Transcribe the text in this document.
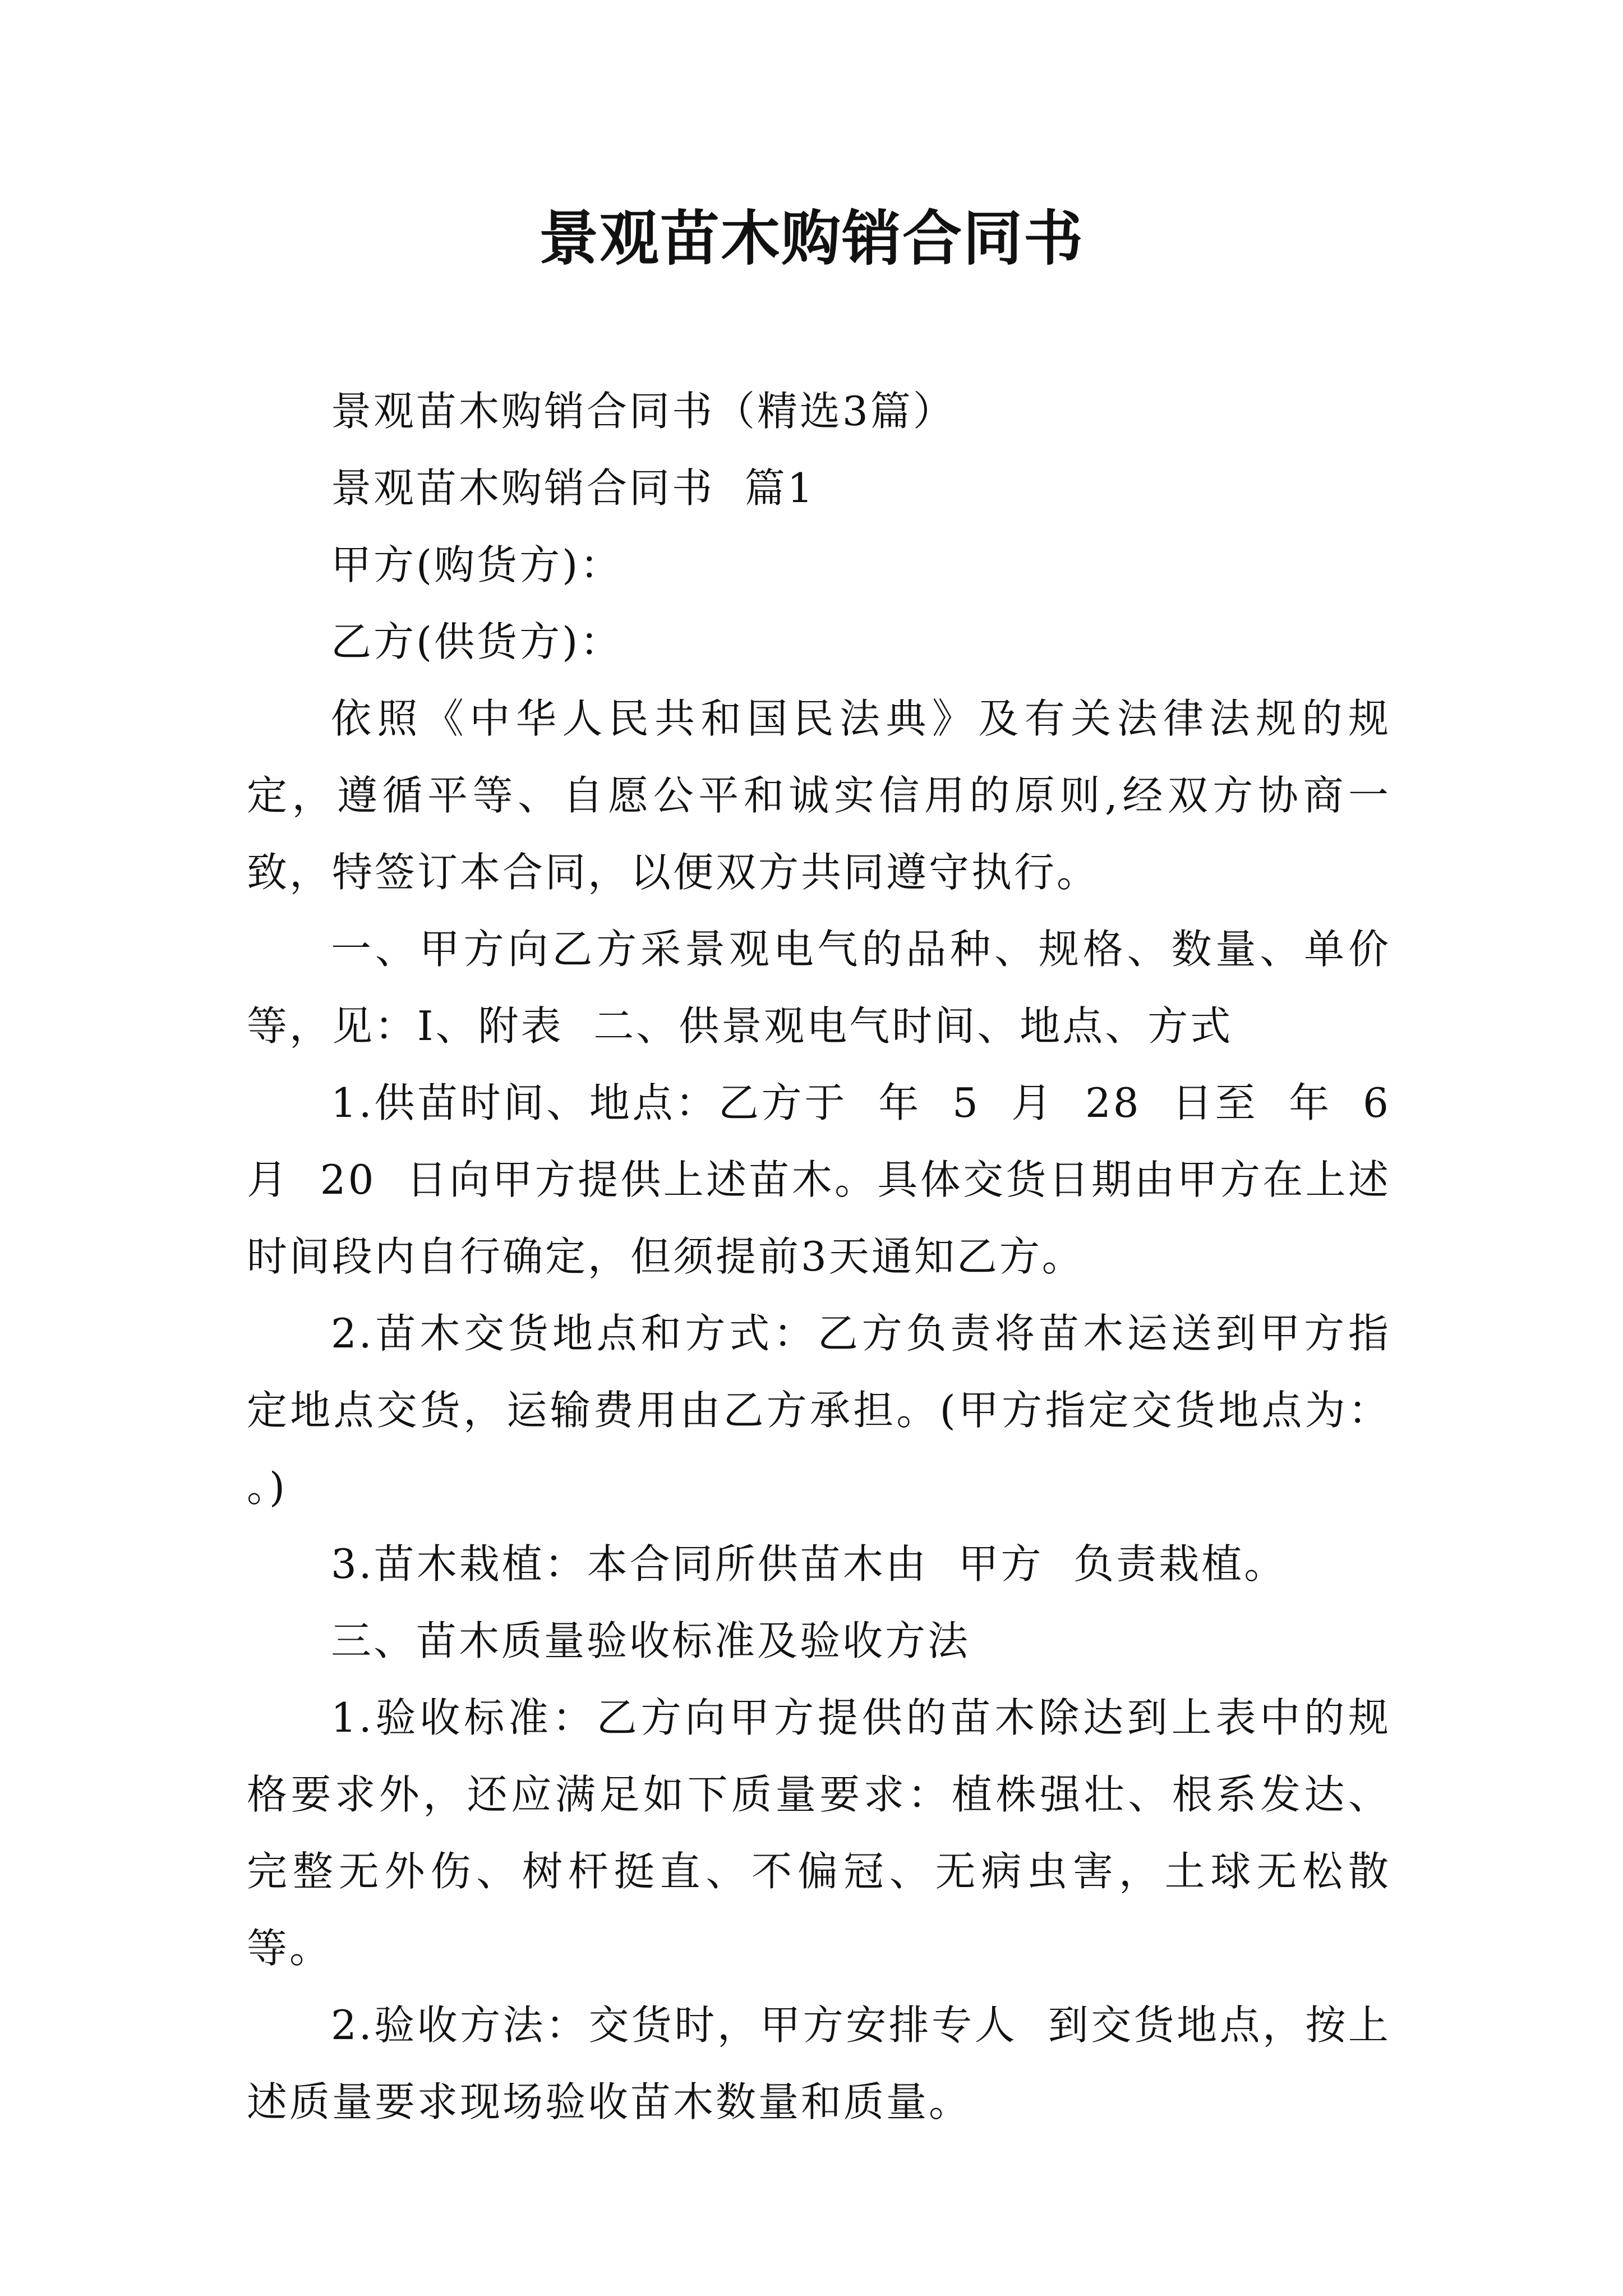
景观苗木购销合同书

景观苗木购销合同书（精选3篇）

景观苗木购销合同书  篇1

甲方(购货方)：

乙方(供货方)：

依照《中华人民共和国民法典》及有关法律法规的规定，遵循平等、自愿公平和诚实信用的原则,经双方协商一致，特签订本合同，以便双方共同遵守执行。

一、甲方向乙方采景观电气的品种、规格、数量、单价等，见：Ⅰ、附表  二、供景观电气时间、地点、方式

1.供苗时间、地点：乙方于  年  5  月  28  日至  年  6  月  20  日向甲方提供上述苗木。具体交货日期由甲方在上述时间段内自行确定，但须提前3天通知乙方。

2.苗木交货地点和方式：乙方负责将苗木运送到甲方指定地点交货，运输费用由乙方承担。(甲方指定交货地点为：  。)

3.苗木栽植：本合同所供苗木由  甲方  负责栽植。

三、苗木质量验收标准及验收方法

1.验收标准：乙方向甲方提供的苗木除达到上表中的规格要求外，还应满足如下质量要求：植株强壮、根系发达、完整无外伤、树杆挺直、不偏冠、无病虫害，土球无松散等。

2.验收方法：交货时，甲方安排专人  到交货地点，按上述质量要求现场验收苗木数量和质量。
